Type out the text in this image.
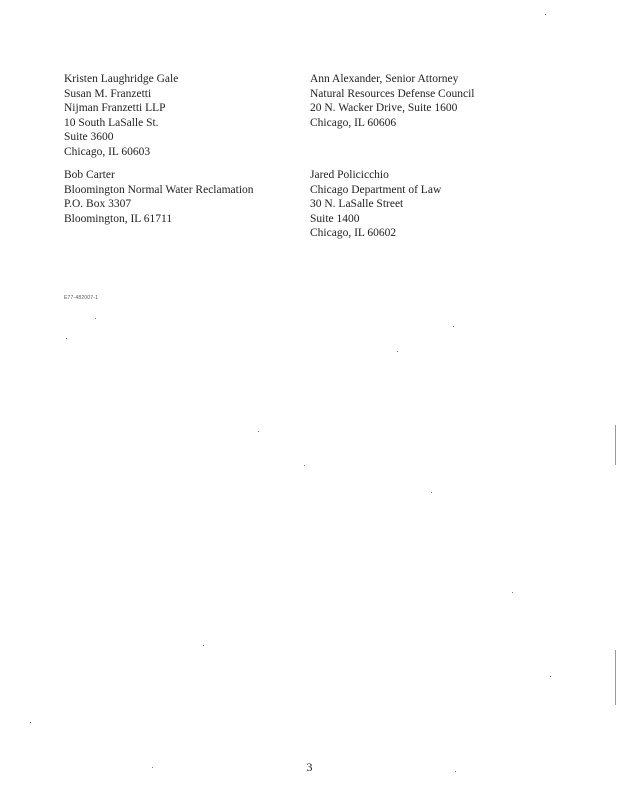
Kristen Laughridge Gale
Susan M. Franzetti
Nijman Franzetti LLP
10 South LaSalle St.
Suite 3600
Chicago, IL 60603
Ann Alexander, Senior Attorney
Natural Resources Defense Council
20 N. Wacker Drive, Suite 1600
Chicago, IL 60606
Bob Carter
Bloomington Normal Water Reclamation
P.O. Box 3307
Bloomington, IL 61711
Jared Policicchio
Chicago Department of Law
30 N. LaSalle Street
Suite 1400
Chicago, IL 60602
E77-482007-1
3
